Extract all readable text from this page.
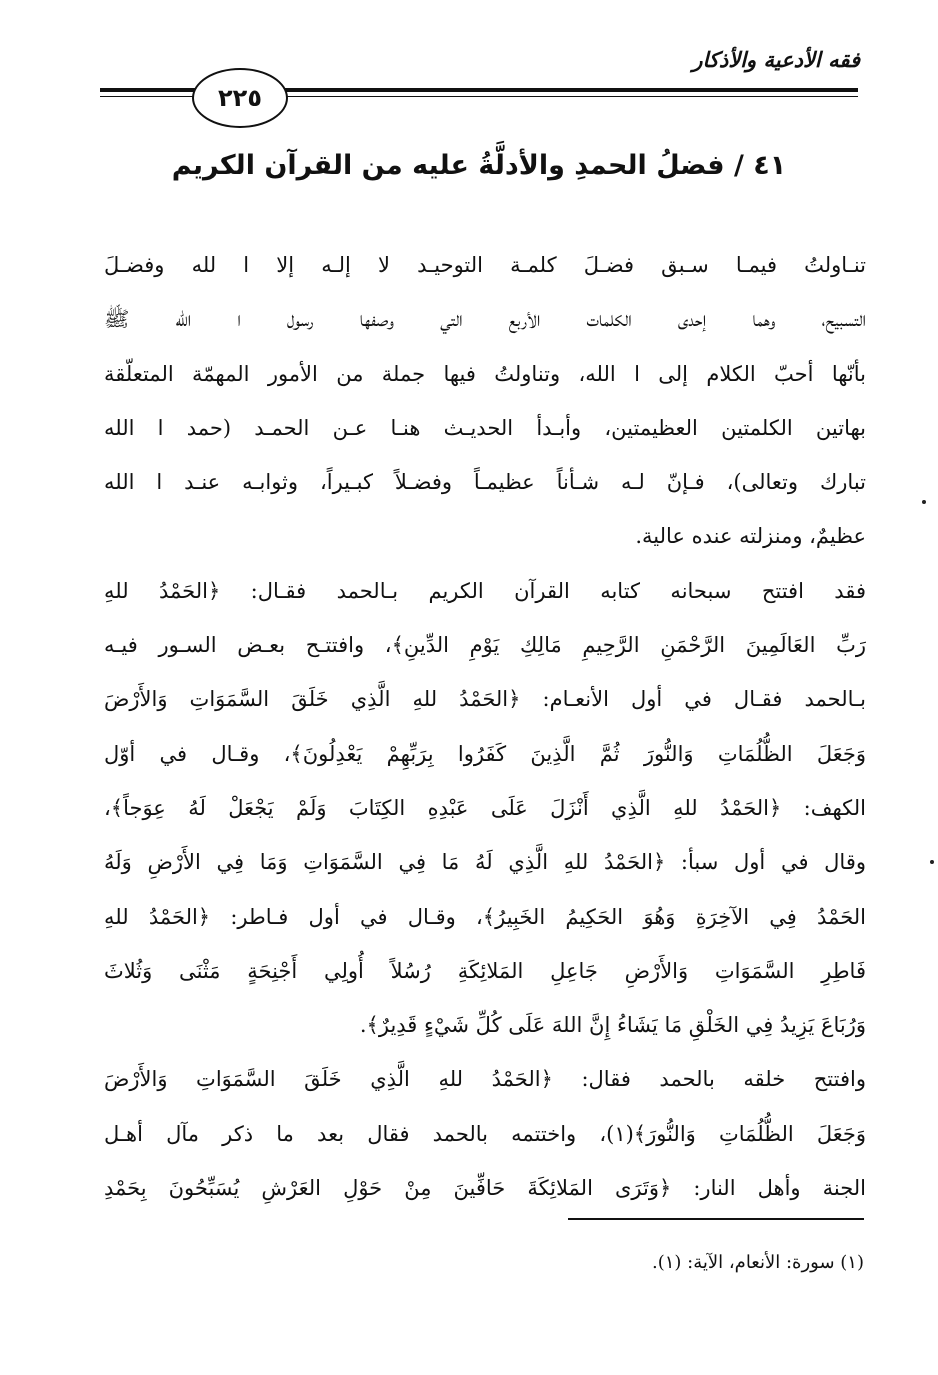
فقه الأدعية والأذكار
٢٢٥
٤١ / فضلُ الحمدِ والأدلَّةُ عليه من القرآن الكريم
تنـاولتُ فيمـا سـبق فضـلَ كلمـة التوحيـد لا إلـه إلا ا لله وفضـلَ
التسبيح، وهما إحدى الكلمات الأربع التي وصفها رسول ا الله ﷺ
بأنّها أحبّ الكلام إلى ا الله، وتناولتُ فيها جملة من الأمور المهمّة المتعلّقة
بهاتين الكلمتين العظيمتين، وأبـدأ الحديـث هنـا عـن الحمـد (حمد ا الله
تبارك وتعالى)، فـإنّ لـه شـأناً عظيمـاً وفضـلاً كبـيراً، وثوابـه عنـد ا الله
عظيمٌ، ومنزلته عنده عالية.
فقد افتتح سبحانه كتابه القرآن الكريم بـالحمد فقـال: ﴿الحَمْدُ للهِ
رَبِّ العَالَمِينَ الرَّحْمَنِ الرَّحِيمِ مَالِكِ يَوْمِ الدِّينِ﴾، وافتتـح بعـض السـور فيـه
بـالحمد فقـال في أول الأنعـام: ﴿الحَمْدُ للهِ الَّذِي خَلَقَ السَّمَوَاتِ وَالأَرْضَ
وَجَعَلَ الظُّلُمَاتِ وَالنُّورَ ثُمَّ الَّذِينَ كَفَرُوا بِرَبِّهِمْ يَعْدِلُونَ﴾، وقـال في أوّل
الكهف: ﴿الحَمْدُ للهِ الَّذِي أَنْزَلَ عَلَى عَبْدِهِ الكِتَابَ وَلَمْ يَجْعَلْ لَهُ عِوَجاً﴾،
وقال في أول سبأ: ﴿الحَمْدُ للهِ الَّذِي لَهُ مَا فِي السَّمَوَاتِ وَمَا فِي الأَرْضِ وَلَهُ
الحَمْدُ فِي الآخِرَةِ وَهُوَ الحَكِيمُ الخَبِيرُ﴾، وقـال في أول فـاطر: ﴿الحَمْدُ للهِ
فَاطِرِ السَّمَوَاتِ وَالأَرْضِ جَاعِلِ المَلائِكَةِ رُسُلاً أُولِي أَجْنِحَةٍ مَثْنَى وَثُلاثَ
وَرُبَاعَ يَزِيدُ فِي الخَلْقِ مَا يَشَاءُ إِنَّ اللهَ عَلَى كُلِّ شَيْءٍ قَدِيرٌ﴾.
وافتتح خلقه بالحمد فقال: ﴿الحَمْدُ للهِ الَّذِي خَلَقَ السَّمَوَاتِ وَالأَرْضَ
وَجَعَلَ الظُّلُمَاتِ وَالنُّورَ﴾(١)، واختتمه بالحمد فقال بعد ما ذكر مآل أهـل
الجنة وأهل النار: ﴿وَتَرَى المَلائِكَةَ حَافِّينَ مِنْ حَوْلِ العَرْشِ يُسَبِّحُونَ بِحَمْدِ
(١) سورة: الأنعام، الآية: (١).
